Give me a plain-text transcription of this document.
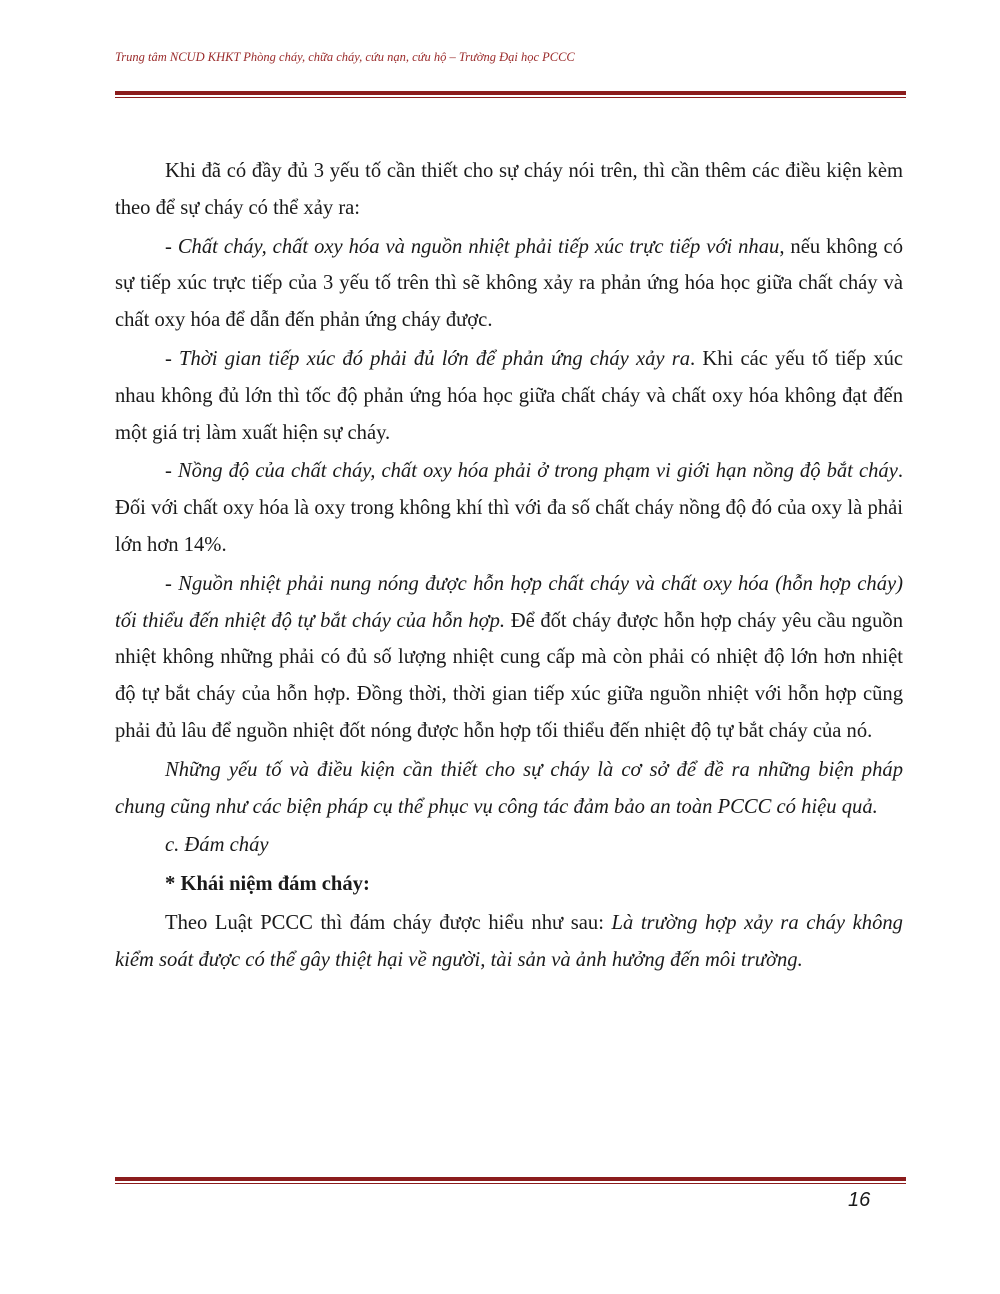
Trung tâm NCUD KHKT Phòng cháy, chữa cháy, cứu nạn, cứu hộ – Trường Đại học PCCC

Khi đã có đầy đủ 3 yếu tố cần thiết cho sự cháy nói trên, thì cần thêm các điều kiện kèm theo để sự cháy có thể xảy ra:

- Chất cháy, chất oxy hóa và nguồn nhiệt phải tiếp xúc trực tiếp với nhau, nếu không có sự tiếp xúc trực tiếp của 3 yếu tố trên thì sẽ không xảy ra phản ứng hóa học giữa chất cháy và chất oxy hóa để dẫn đến phản ứng cháy được.

- Thời gian tiếp xúc đó phải đủ lớn để phản ứng cháy xảy ra. Khi các yếu tố tiếp xúc nhau không đủ lớn thì tốc độ phản ứng hóa học giữa chất cháy và chất oxy hóa không đạt đến một giá trị làm xuất hiện sự cháy.

- Nồng độ của chất cháy, chất oxy hóa phải ở trong phạm vi giới hạn nồng độ bắt cháy. Đối với chất oxy hóa là oxy trong không khí thì với đa số chất cháy nồng độ đó của oxy là phải lớn hơn 14%.

- Nguồn nhiệt phải nung nóng được hỗn hợp chất cháy và chất oxy hóa (hỗn hợp cháy) tối thiểu đến nhiệt độ tự bắt cháy của hỗn hợp. Để đốt cháy được hỗn hợp cháy yêu cầu nguồn nhiệt không những phải có đủ số lượng nhiệt cung cấp mà còn phải có nhiệt độ lớn hơn nhiệt độ tự bắt cháy của hỗn hợp. Đồng thời, thời gian tiếp xúc giữa nguồn nhiệt với hỗn hợp cũng phải đủ lâu để nguồn nhiệt đốt nóng được hỗn hợp tối thiểu đến nhiệt độ tự bắt cháy của nó.

Những yếu tố và điều kiện cần thiết cho sự cháy là cơ sở để đề ra những biện pháp chung cũng như các biện pháp cụ thể phục vụ công tác đảm bảo an toàn PCCC có hiệu quả.

c. Đám cháy

* Khái niệm đám cháy:

Theo Luật PCCC thì đám cháy được hiểu như sau: Là trường hợp xảy ra cháy không kiểm soát được có thể gây thiệt hại về người, tài sản và ảnh hưởng đến môi trường.

16
